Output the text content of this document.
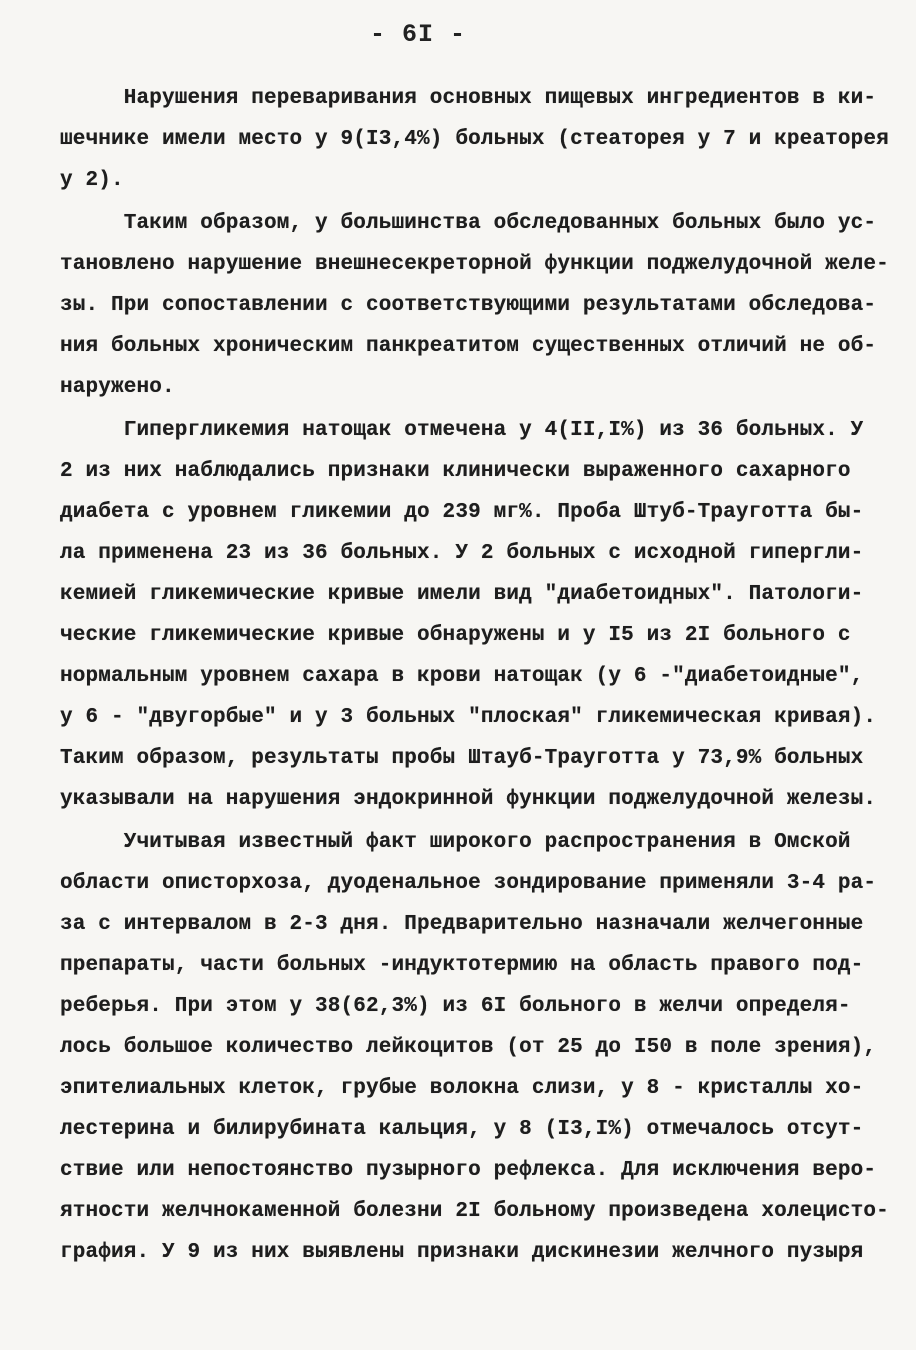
- 6I -
Нарушения переваривания основных пищевых ингредиентов в ки-
шечнике имели место у 9(I3,4%) больных (стеаторея у 7 и креаторея
у 2).
Таким образом, у большинства обследованных больных было ус-
тановлено нарушение внешнесекреторной функции поджелудочной желе-
зы. При сопоставлении с соответствующими результатами обследова-
ния больных хроническим панкреатитом существенных отличий не об-
наружено.
Гипергликемия натощак отмечена у 4(II,I%) из 36 больных. У
2 из них наблюдались признаки клинически выраженного сахарного
диабета с уровнем гликемии до 239 мг%. Проба Штуб-Трауготта бы-
ла применена 23 из 36 больных. У 2 больных с исходной гипергли-
кемией гликемические кривые имели вид "диабетоидных". Патологи-
ческие гликемические кривые обнаружены и у I5 из 2I больного с
нормальным уровнем сахара в крови натощак (у 6 -"диабетоидные",
у 6 - "двугорбые" и у 3 больных "плоская" гликемическая кривая).
Таким образом, результаты пробы Штауб-Трауготта у 73,9% больных
указывали на нарушения эндокринной функции поджелудочной железы.
Учитывая известный факт широкого распространения в Омской
области описторхоза, дуоденальное зондирование применяли 3-4 ра-
за с интервалом в 2-3 дня. Предварительно назначали желчегонные
препараты, части больных -индуктотермию на область правого под-
реберья. При этом у 38(62,3%) из 6I больного в желчи определя-
лось большое количество лейкоцитов (от 25 до I50 в поле зрения),
эпителиальных клеток, грубые волокна слизи, у 8 - кристаллы хо-
лестерина и билирубината кальция, у 8 (I3,I%) отмечалось отсут-
ствие или непостоянство пузырного рефлекса. Для исключения веро-
ятности желчнокаменной болезни 2I больному произведена холецисто-
графия. У 9 из них выявлены признаки дискинезии желчного пузыря
